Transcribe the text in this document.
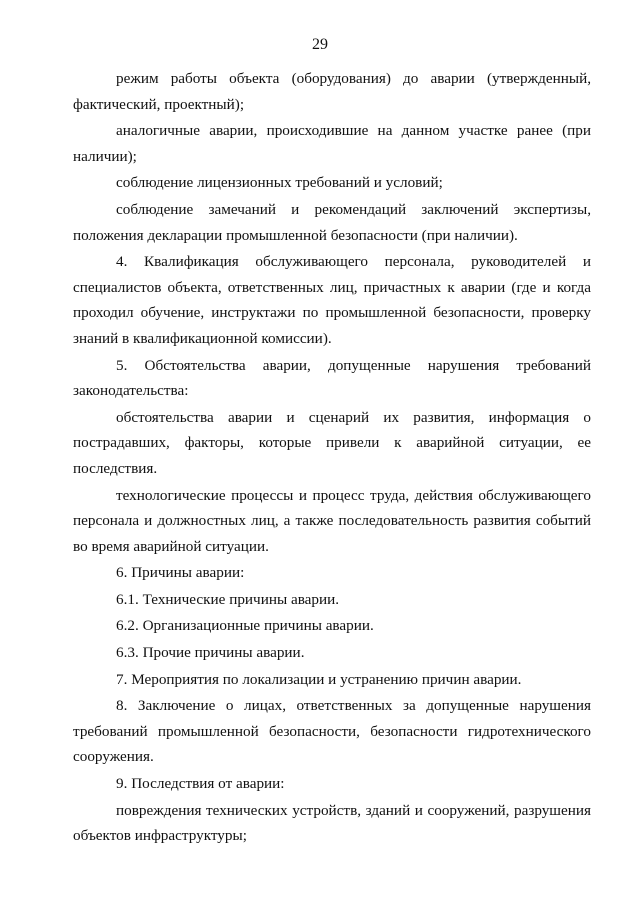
29

режим работы объекта (оборудования) до аварии (утвержденный, фактический, проектный);

аналогичные аварии, происходившие на данном участке ранее (при наличии);

соблюдение лицензионных требований и условий;

соблюдение замечаний и рекомендаций заключений экспертизы, положения декларации промышленной безопасности (при наличии).

4. Квалификация обслуживающего персонала, руководителей и специалистов объекта, ответственных лиц, причастных к аварии (где и когда проходил обучение, инструктажи по промышленной безопасности, проверку знаний в квалификационной комиссии).

5. Обстоятельства аварии, допущенные нарушения требований законодательства:

обстоятельства аварии и сценарий их развития, информация о пострадавших, факторы, которые привели к аварийной ситуации, ее последствия.

технологические процессы и процесс труда, действия обслуживающего персонала и должностных лиц, а также последовательность развития событий во время аварийной ситуации.

6. Причины аварии:

6.1. Технические причины аварии.

6.2. Организационные причины аварии.

6.3. Прочие причины аварии.

7. Мероприятия по локализации и устранению причин аварии.

8. Заключение о лицах, ответственных за допущенные нарушения требований промышленной безопасности, безопасности гидротехнического сооружения.

9. Последствия от аварии:

повреждения технических устройств, зданий и сооружений, разрушения объектов инфраструктуры;
